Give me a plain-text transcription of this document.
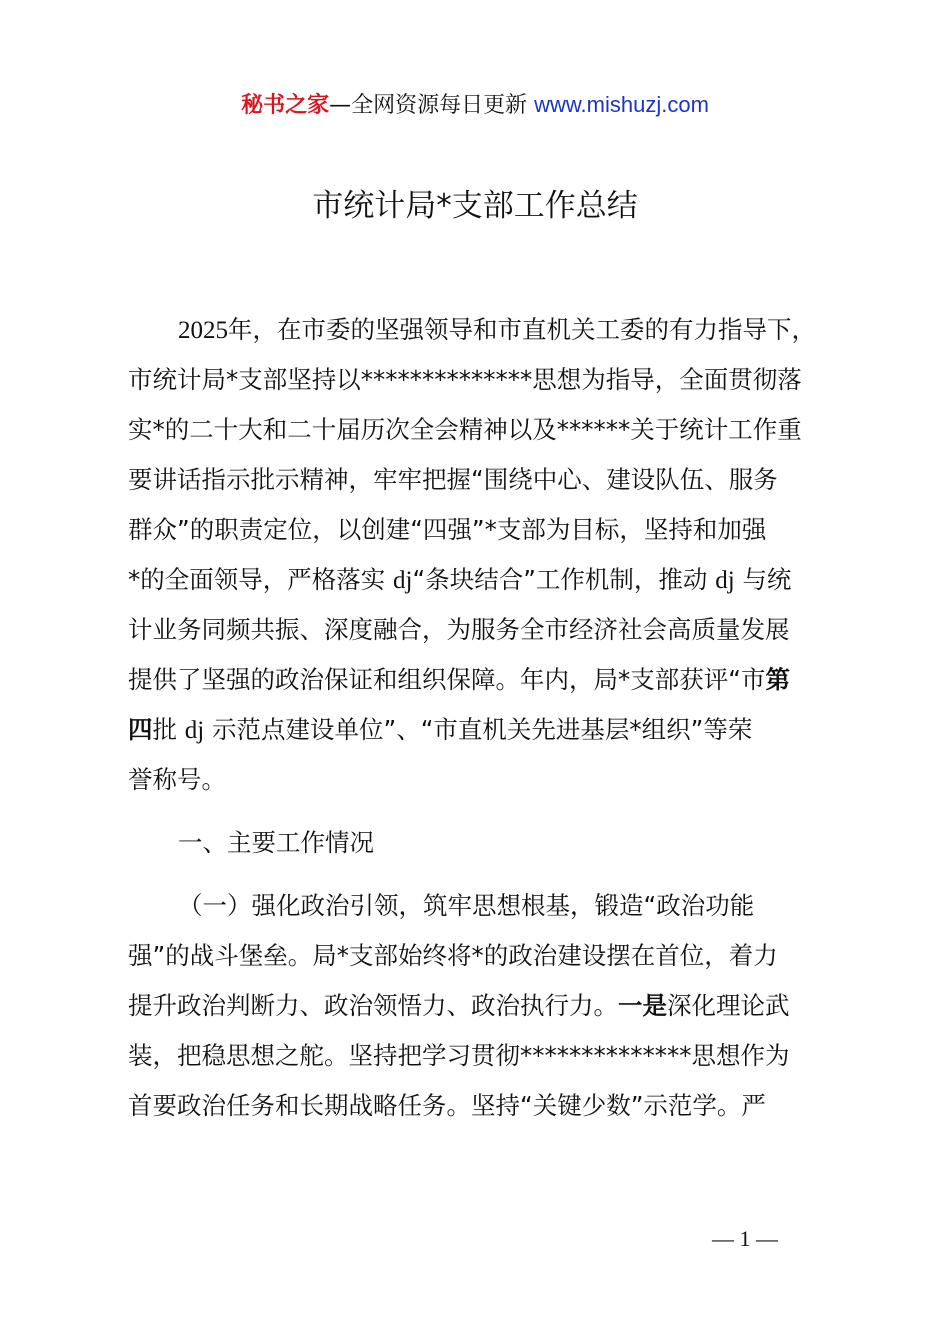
秘书之家—全网资源每日更新 www.mishuzj.com
市统计局*支部工作总结
2025年，在市委的坚强领导和市直机关工委的有力指导下，
市统计局*支部坚持以**************思想为指导，全面贯彻落
实*的二十大和二十届历次全会精神以及******关于统计工作重
要讲话指示批示精神，牢牢把握“围绕中心、建设队伍、服务
群众”的职责定位，以创建“四强”*支部为目标，坚持和加强
*的全面领导，严格落实 dj“条块结合”工作机制，推动 dj 与统
计业务同频共振、深度融合，为服务全市经济社会高质量发展
提供了坚强的政治保证和组织保障。年内，局*支部获评“市第
四批 dj 示范点建设单位”、“市直机关先进基层*组织”等荣
誉称号。
一、主要工作情况
（一）强化政治引领，筑牢思想根基，锻造“政治功能
强”的战斗堡垒。局*支部始终将*的政治建设摆在首位，着力
提升政治判断力、政治领悟力、政治执行力。一是深化理论武
装，把稳思想之舵。坚持把学习贯彻**************思想作为
首要政治任务和长期战略任务。坚持“关键少数”示范学。严
— 1 —
